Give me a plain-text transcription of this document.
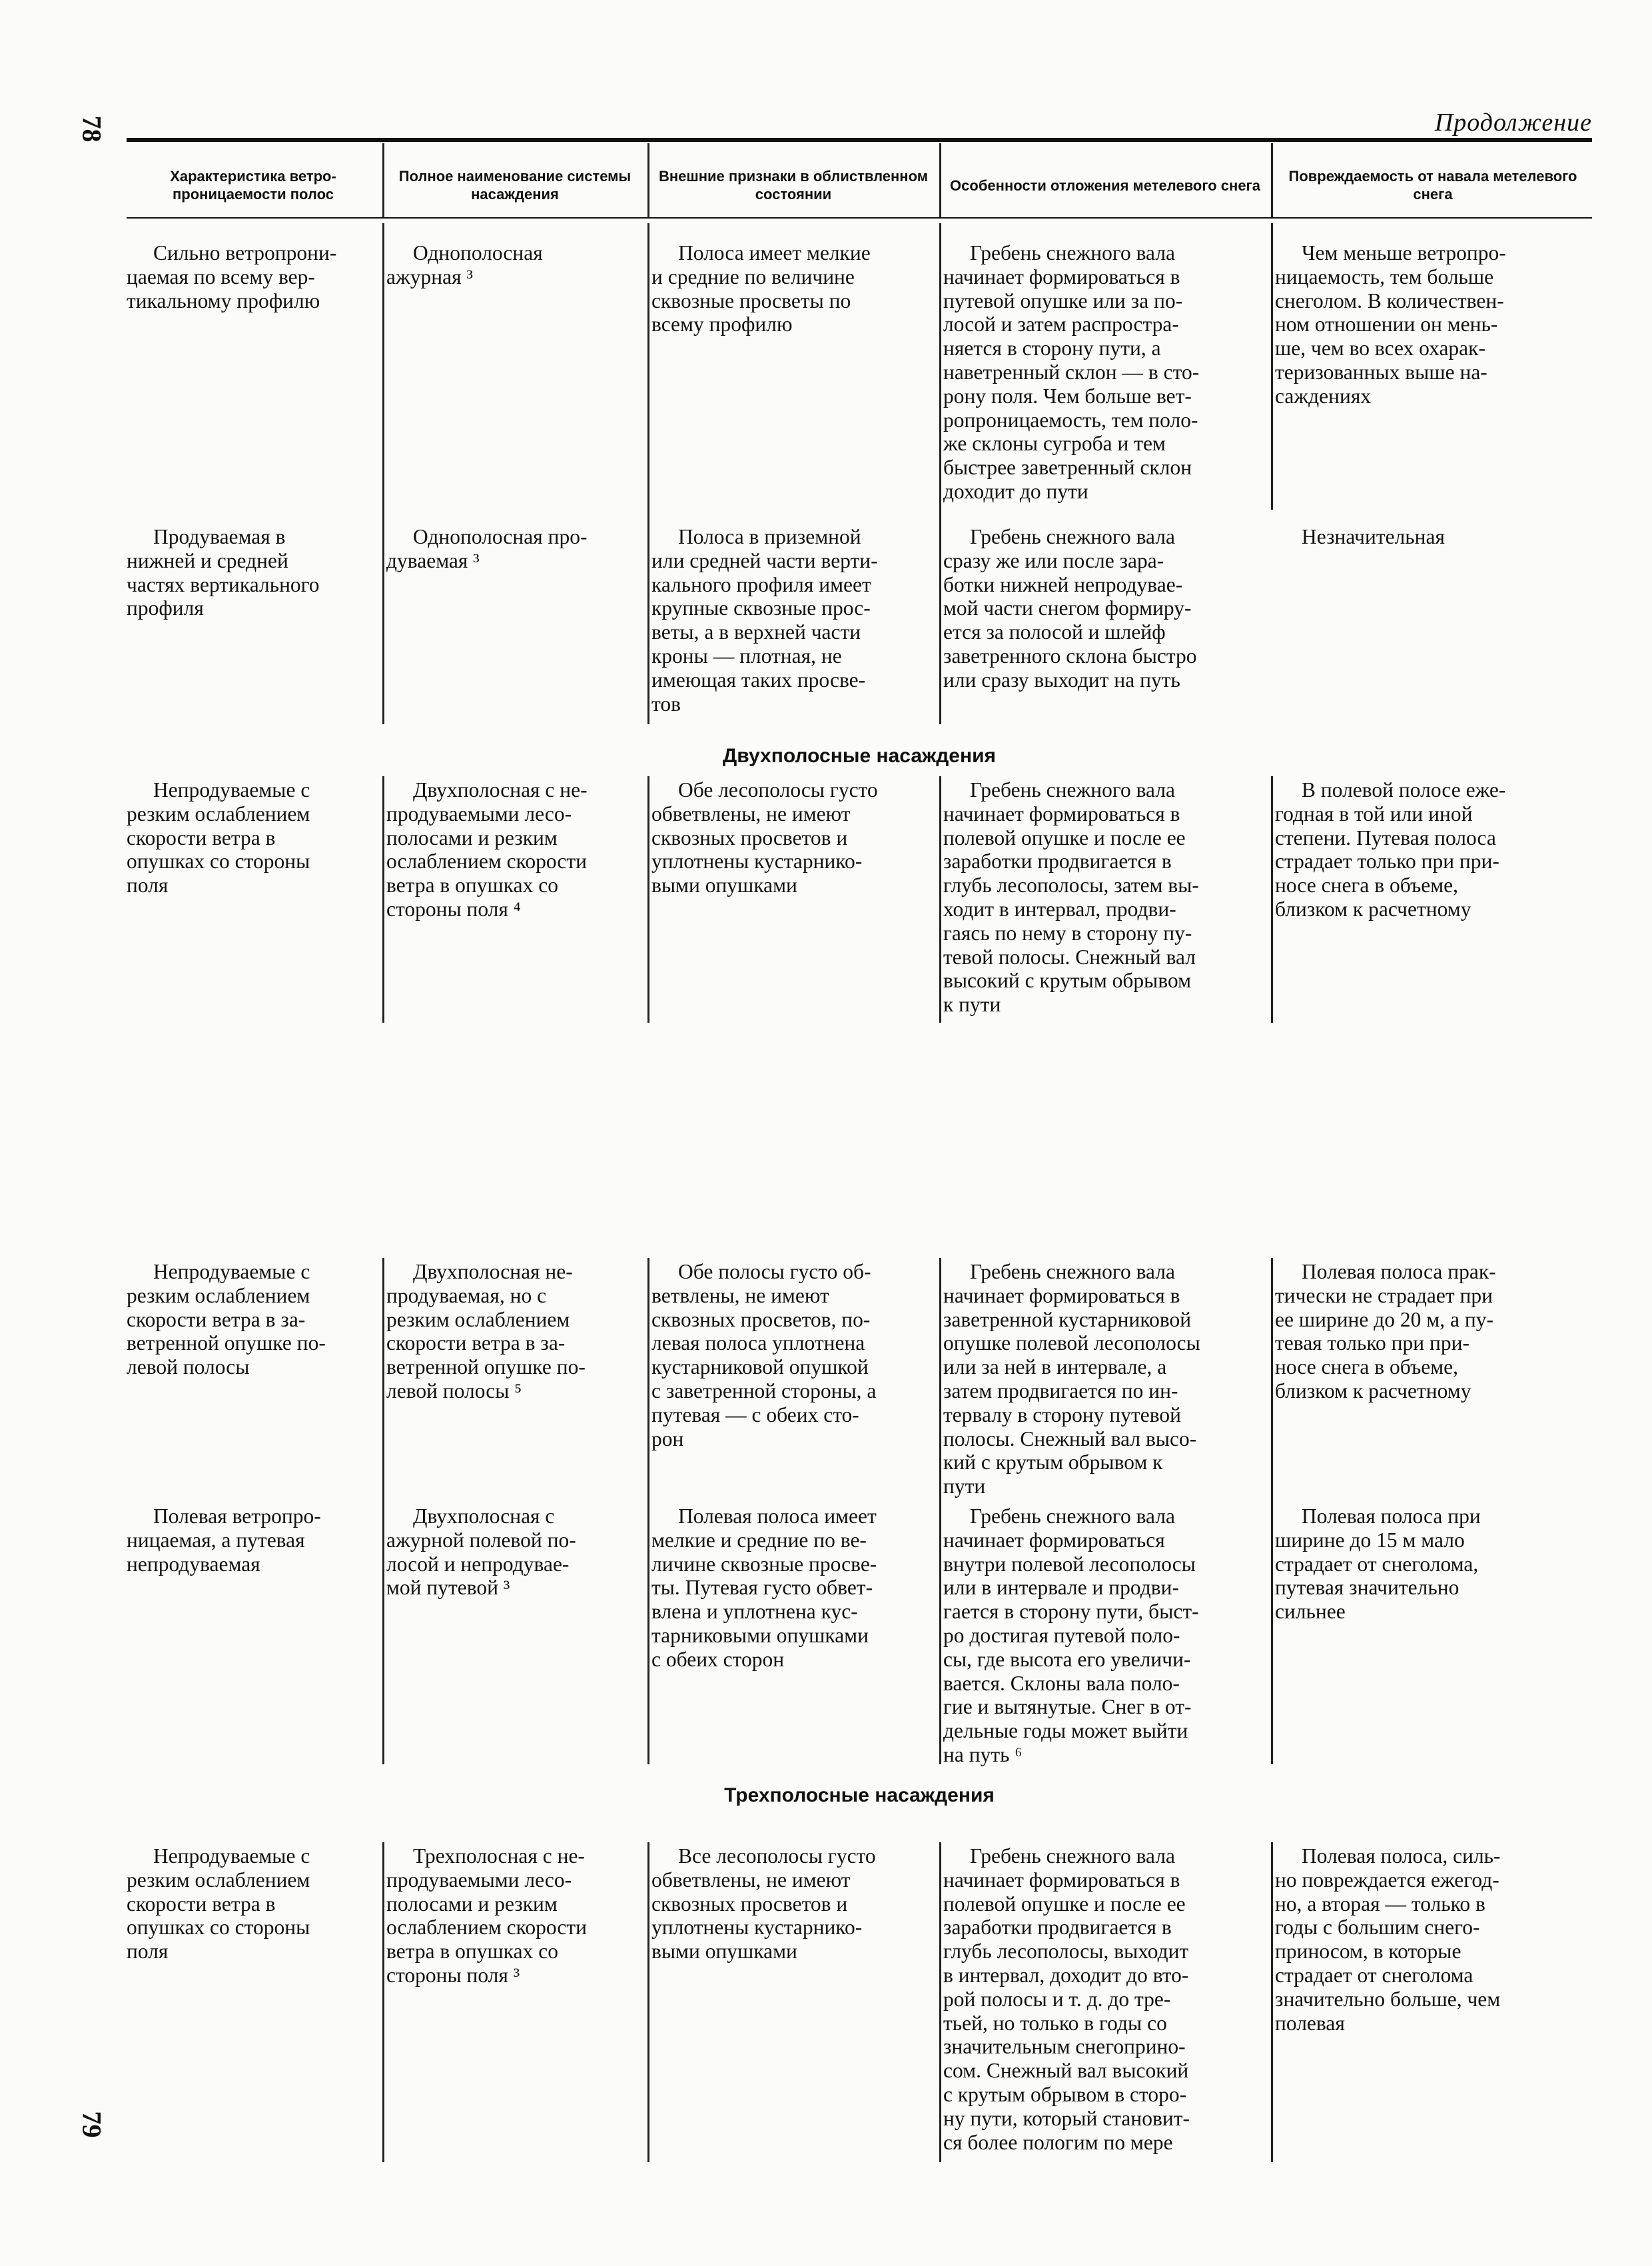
78	Продолжение
Характеристика ветро- проницаемости полос
Полное наименование системы насаждения
Внешние признаки в облиствленном состоянии
Особенности отложения метелевого снега
Повреждаемость от навала метелевого снега
Сильно ветропрони-
цаемая по всему вер-
тикальному профилю
Однополосная
ажурная ³
Полоса имеет мелкие
и средние по величине
сквозные просветы по
всему профилю
Гребень снежного вала
начинает формироваться в
путевой опушке или за по-
лосой и затем распростра-
няется в сторону пути, а
наветренный склон — в сто-
рону поля. Чем больше вет-
ропроницаемость, тем поло-
же склоны сугроба и тем
быстрее заветренный склон
доходит до пути
Чем меньше ветропро-
ницаемость, тем больше
снеголом. В количествен-
ном отношении он мень-
ше, чем во всех охарак-
теризованных выше на-
саждениях
Продуваемая в
нижней и средней
частях вертикального
профиля
Однополосная про-
дуваемая ³
Полоса в приземной
или средней части верти-
кального профиля имеет
крупные сквозные прос-
веты, а в верхней части
кроны — плотная, не
имеющая таких просве-
тов
Гребень снежного вала
сразу же или после зара-
ботки нижней непродувае-
мой части снегом формиру-
ется за полосой и шлейф
заветренного склона быстро
или сразу выходит на путь
Незначительная
Двухполосные насаждения
Непродуваемые с
резким ослаблением
скорости ветра в
опушках со стороны
поля
Двухполосная с не-
продуваемыми лесо-
полосами и резким
ослаблением скорости
ветра в опушках со
стороны поля ⁴
Обе лесополосы густо
обветвлены, не имеют
сквозных просветов и
уплотнены кустарнико-
выми опушками
Гребень снежного вала
начинает формироваться в
полевой опушке и после ее
заработки продвигается в
глубь лесополосы, затем вы-
ходит в интервал, продви-
гаясь по нему в сторону пу-
тевой полосы. Снежный вал
высокий с крутым обрывом
к пути
В полевой полосе еже-
годная в той или иной
степени. Путевая полоса
страдает только при при-
носе снега в объеме,
близком к расчетному
Непродуваемые с
резким ослаблением
скорости ветра в за-
ветренной опушке по-
левой полосы
Двухполосная не-
продуваемая, но с
резким ослаблением
скорости ветра в за-
ветренной опушке по-
левой полосы ⁵
Обе полосы густо об-
ветвлены, не имеют
сквозных просветов, по-
левая полоса уплотнена
кустарниковой опушкой
с заветренной стороны, а
путевая — с обеих сто-
рон
Гребень снежного вала
начинает формироваться в
заветренной кустарниковой
опушке полевой лесополосы
или за ней в интервале, а
затем продвигается по ин-
тервалу в сторону путевой
полосы. Снежный вал высо-
кий с крутым обрывом к
пути
Полевая полоса прак-
тически не страдает при
ее ширине до 20 м, а пу-
тевая только при при-
носе снега в объеме,
близком к расчетному
Полевая ветропро-
ницаемая, а путевая
непродуваемая
Двухполосная с
ажурной полевой по-
лосой и непродувае-
мой путевой ³
Полевая полоса имеет
мелкие и средние по ве-
личине сквозные просве-
ты. Путевая густо обвет-
влена и уплотнена кус-
тарниковыми опушками
с обеих сторон
Гребень снежного вала
начинает формироваться
внутри полевой лесополосы
или в интервале и продви-
гается в сторону пути, быст-
ро достигая путевой поло-
сы, где высота его увеличи-
вается. Склоны вала поло-
гие и вытянутые. Снег в от-
дельные годы может выйти
на путь ⁶
Полевая полоса при
ширине до 15 м мало
страдает от снеголома,
путевая значительно
сильнее
Трехполосные насаждения
Непродуваемые с
резким ослаблением
скорости ветра в
опушках со стороны
поля
Трехполосная с не-
продуваемыми лесо-
полосами и резким
ослаблением скорости
ветра в опушках со
стороны поля ³
Все лесополосы густо
обветвлены, не имеют
сквозных просветов и
уплотнены кустарнико-
выми опушками
Гребень снежного вала
начинает формироваться в
полевой опушке и после ее
заработки продвигается в
глубь лесополосы, выходит
в интервал, доходит до вто-
рой полосы и т. д. до тре-
тьей, но только в годы со
значительным снегоприно-
сом. Снежный вал высокий
с крутым обрывом в сторо-
ну пути, который становит-
ся более пологим по мере
Полевая полоса, силь-
но повреждается ежегод-
но, а вторая — только в
годы с большим снего-
приносом, в которые
страдает от снеголома
значительно больше, чем
полевая
79
